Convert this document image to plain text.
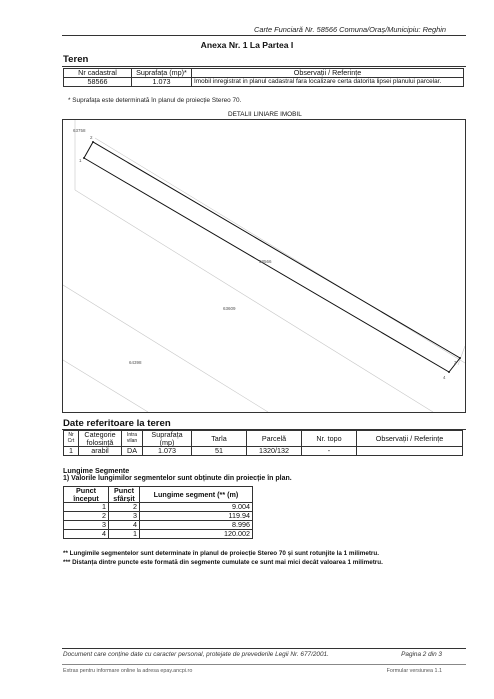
Carte Funciară Nr. 58566 Comuna/Oraș/Municipiu: Reghin
Anexa Nr. 1 La Partea I
Teren
Nr cadastral	Suprafața (mp)*	Observații / Referințe
58566	1.073	Imobil inregistrat in planul cadastral fara localizare certa datorita lipsei planului parcelar.
* Suprafața este determinată în planul de proiecție Stereo 70.
DETALII LINIARE IMOBIL
63758
58566
63609
64398
1
2
3
4
Date referitoare la teren
Nr Crt	Categorie folosință	Intra vilan	Suprafața (mp)	Tarla	Parcelă	Nr. topo	Observații / Referințe
1	arabil	DA	1.073	51	1320/132	-	
Lungime Segmente
1) Valorile lungimilor segmentelor sunt obținute din proiecție în plan.
Punct început	Punct sfârșit	Lungime segment (** (m)
1	2	9.004
2	3	119.94
3	4	8.996
4	1	120.002
** Lungimile segmentelor sunt determinate în planul de proiecție Stereo 70 și sunt rotunjite la 1 milimetru.
*** Distanța dintre puncte este formată din segmente cumulate ce sunt mai mici decât valoarea 1 milimetru.
Document care conține date cu caracter personal, protejate de prevederile Legii Nr. 677/2001.	Pagina 2 din 3
Extras pentru informare online la adresa epay.ancpi.ro	Formular versiunea 1.1
